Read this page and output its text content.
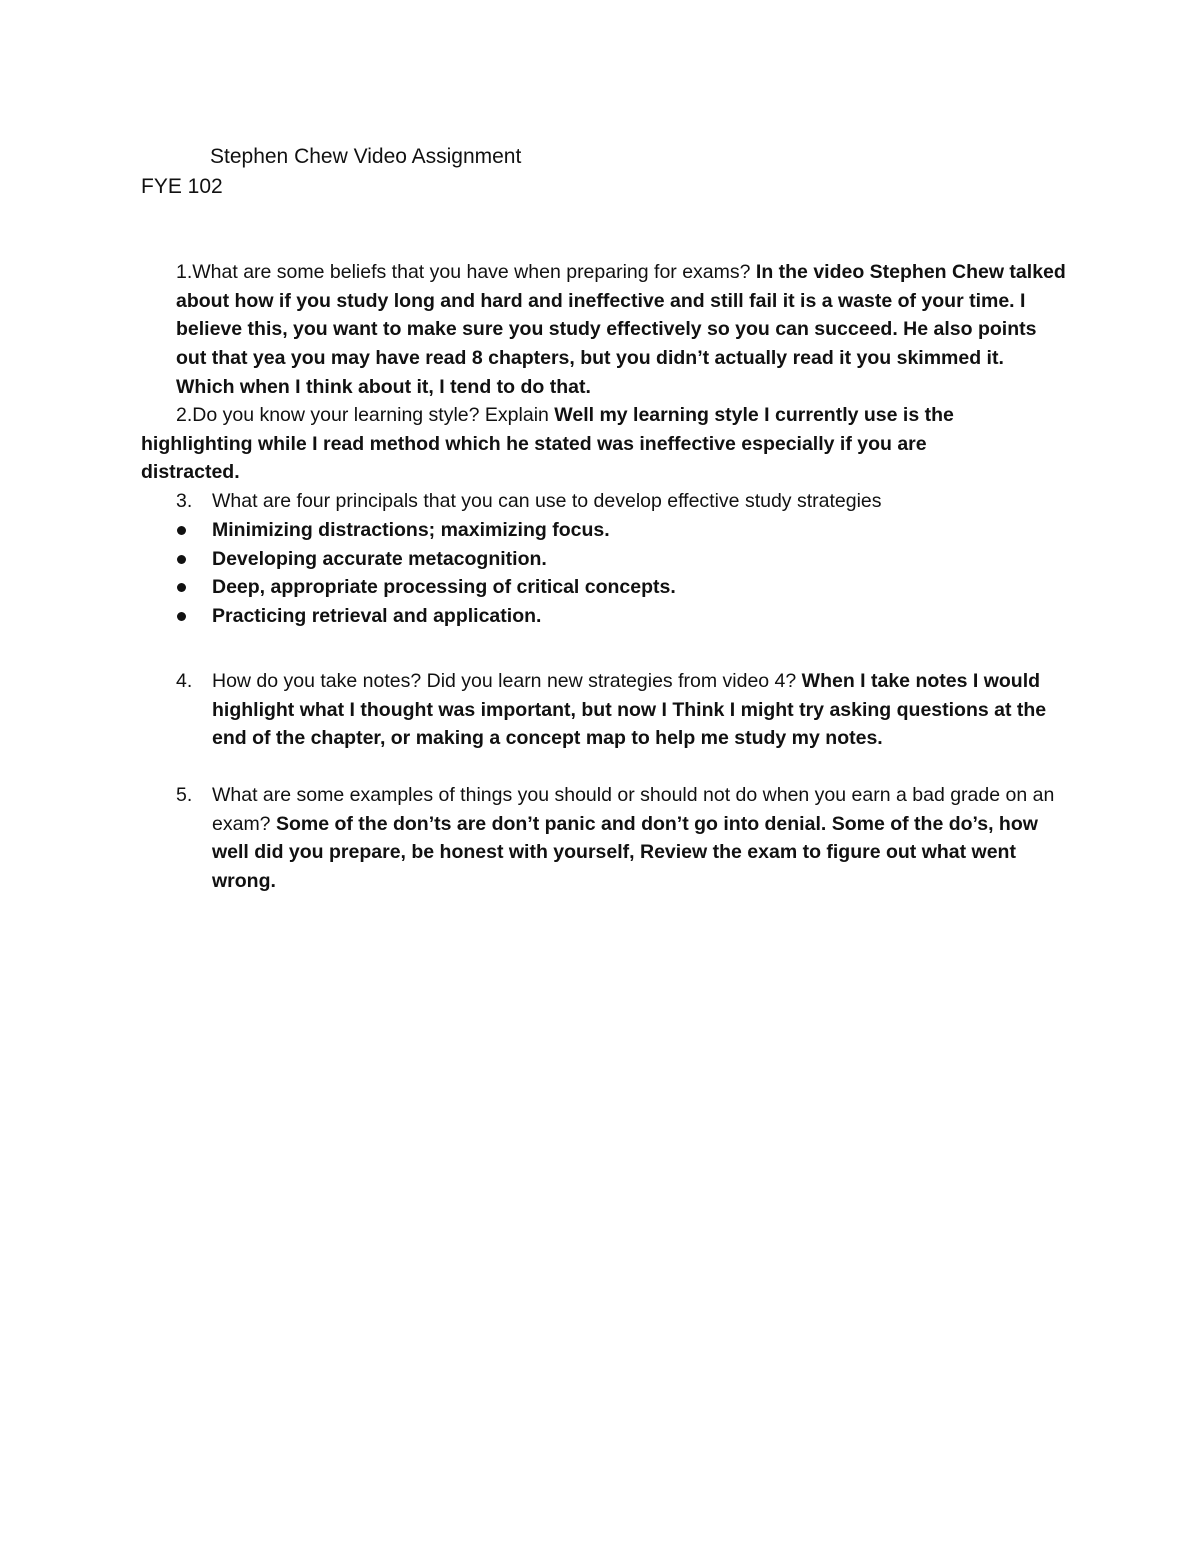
Stephen Chew Video Assignment
FYE 102
1.What are some beliefs that you have when preparing for exams? In the video Stephen Chew talked about how if you study long and hard and ineffective and still fail it is a waste of your time. I believe this, you want to make sure you study effectively so you can succeed. He also points out that yea you may have read 8 chapters, but you didn’t actually read it you skimmed it. Which when I think about it, I tend to do that.
2.Do you know your learning style? Explain Well my learning style I currently use is the highlighting while I read method which he stated was ineffective especially if you are distracted.
3. What are four principals that you can use to develop effective study strategies
Minimizing distractions; maximizing focus.
Developing accurate metacognition.
Deep, appropriate processing of critical concepts.
Practicing retrieval and application.
4. How do you take notes? Did you learn new strategies from video 4? When I take notes I would highlight what I thought was important, but now I Think I might try asking questions at the end of the chapter, or making a concept map to help me study my notes.
5. What are some examples of things you should or should not do when you earn a bad grade on an exam? Some of the don’ts are don’t panic and don’t go into denial. Some of the do’s, how well did you prepare, be honest with yourself, Review the exam to figure out what went wrong.
